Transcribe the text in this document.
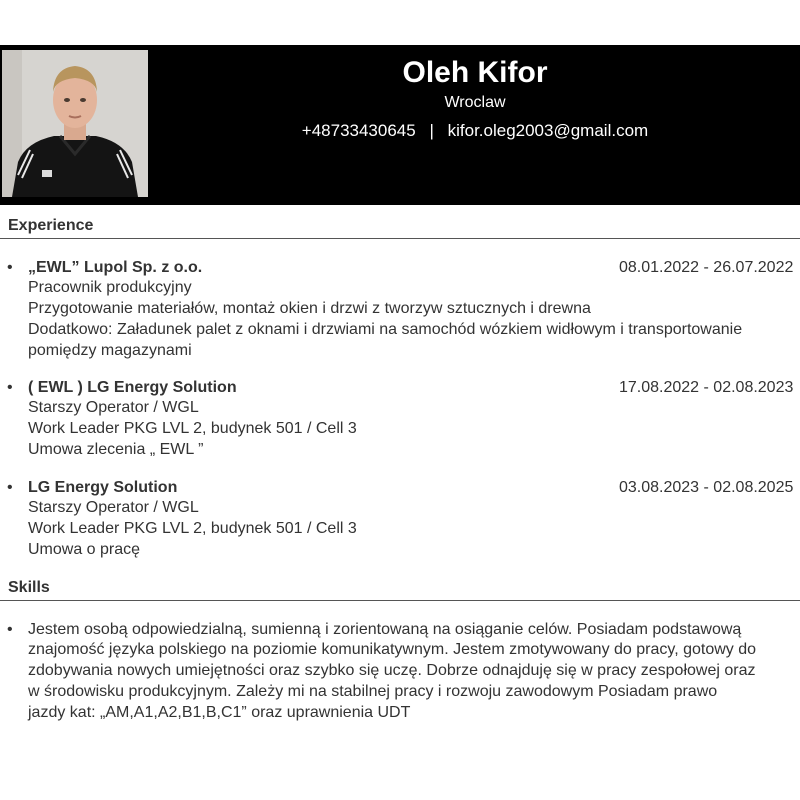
Oleh Kifor
Wroclaw
+48733430645 | kifor.oleg2003@gmail.com
Experience
• „EWL” Lupol Sp. z o.o.	08.01.2022 - 26.07.2022
Pracownik produkcyjny
Przygotowanie materiałów, montaż okien i drzwi z tworzyw sztucznych i drewna
Dodatkowo: Załadunek palet z oknami i drzwiami na samochód wózkiem widłowym i transportowanie
pomiędzy magazynami
• ( EWL ) LG Energy Solution	17.08.2022 - 02.08.2023
Starszy Operator / WGL
Work Leader PKG LVL 2, budynek 501 / Cell 3
Umowa zlecenia „ EWL ”
• LG Energy Solution	03.08.2023 - 02.08.2025
Starszy Operator / WGL
Work Leader PKG LVL 2, budynek 501 / Cell 3
Umowa o pracę
Skills
• Jestem osobą odpowiedzialną, sumienną i zorientowaną na osiąganie celów. Posiadam podstawową
znajomość języka polskiego na poziomie komunikatywnym. Jestem zmotywowany do pracy, gotowy do
zdobywania nowych umiejętności oraz szybko się uczę. Dobrze odnajduję się w pracy zespołowej oraz
w środowisku produkcyjnym. Zależy mi na stabilnej pracy i rozwoju zawodowym Posiadam prawo
jazdy kat: „AM,A1,A2,B1,B,C1” oraz uprawnienia UDT
